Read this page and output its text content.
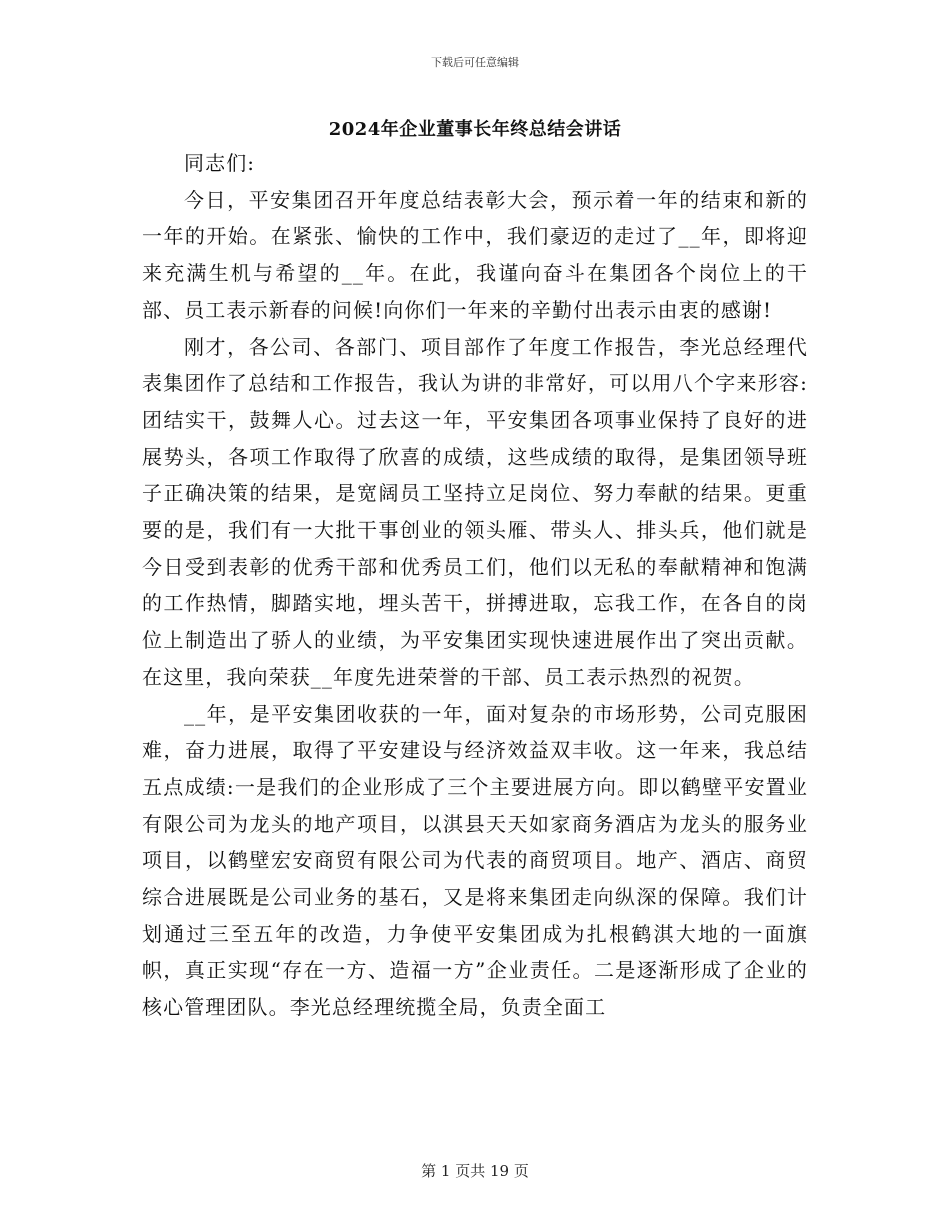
下载后可任意编辑
2024年企业董事长年终总结会讲话

同志们:

今日，平安集团召开年度总结表彰大会，预示着一年的结束和新的一年的开始。在紧张、愉快的工作中，我们豪迈的走过了__年，即将迎来充满生机与希望的__年。在此，我谨向奋斗在集团各个岗位上的干部、员工表示新春的问候!向你们一年来的辛勤付出表示由衷的感谢!

刚才，各公司、各部门、项目部作了年度工作报告，李光总经理代表集团作了总结和工作报告，我认为讲的非常好，可以用八个字来形容:团结实干，鼓舞人心。过去这一年，平安集团各项事业保持了良好的进展势头，各项工作取得了欣喜的成绩，这些成绩的取得，是集团领导班子正确决策的结果，是宽阔员工坚持立足岗位、努力奉献的结果。更重要的是，我们有一大批干事创业的领头雁、带头人、排头兵，他们就是今日受到表彰的优秀干部和优秀员工们，他们以无私的奉献精神和饱满的工作热情，脚踏实地，埋头苦干，拼搏进取，忘我工作，在各自的岗位上制造出了骄人的业绩，为平安集团实现快速进展作出了突出贡献。在这里，我向荣获__年度先进荣誉的干部、员工表示热烈的祝贺。

__年，是平安集团收获的一年，面对复杂的市场形势，公司克服困难，奋力进展，取得了平安建设与经济效益双丰收。这一年来，我总结五点成绩:一是我们的企业形成了三个主要进展方向。即以鹤壁平安置业有限公司为龙头的地产项目，以淇县天天如家商务酒店为龙头的服务业项目，以鹤壁宏安商贸有限公司为代表的商贸项目。地产、酒店、商贸综合进展既是公司业务的基石，又是将来集团走向纵深的保障。我们计划通过三至五年的改造，力争使平安集团成为扎根鹤淇大地的一面旗帜，真正实现“存在一方、造福一方”企业责任。二是逐渐形成了企业的核心管理团队。李光总经理统揽全局，负责全面工

第 1 页共 19 页
